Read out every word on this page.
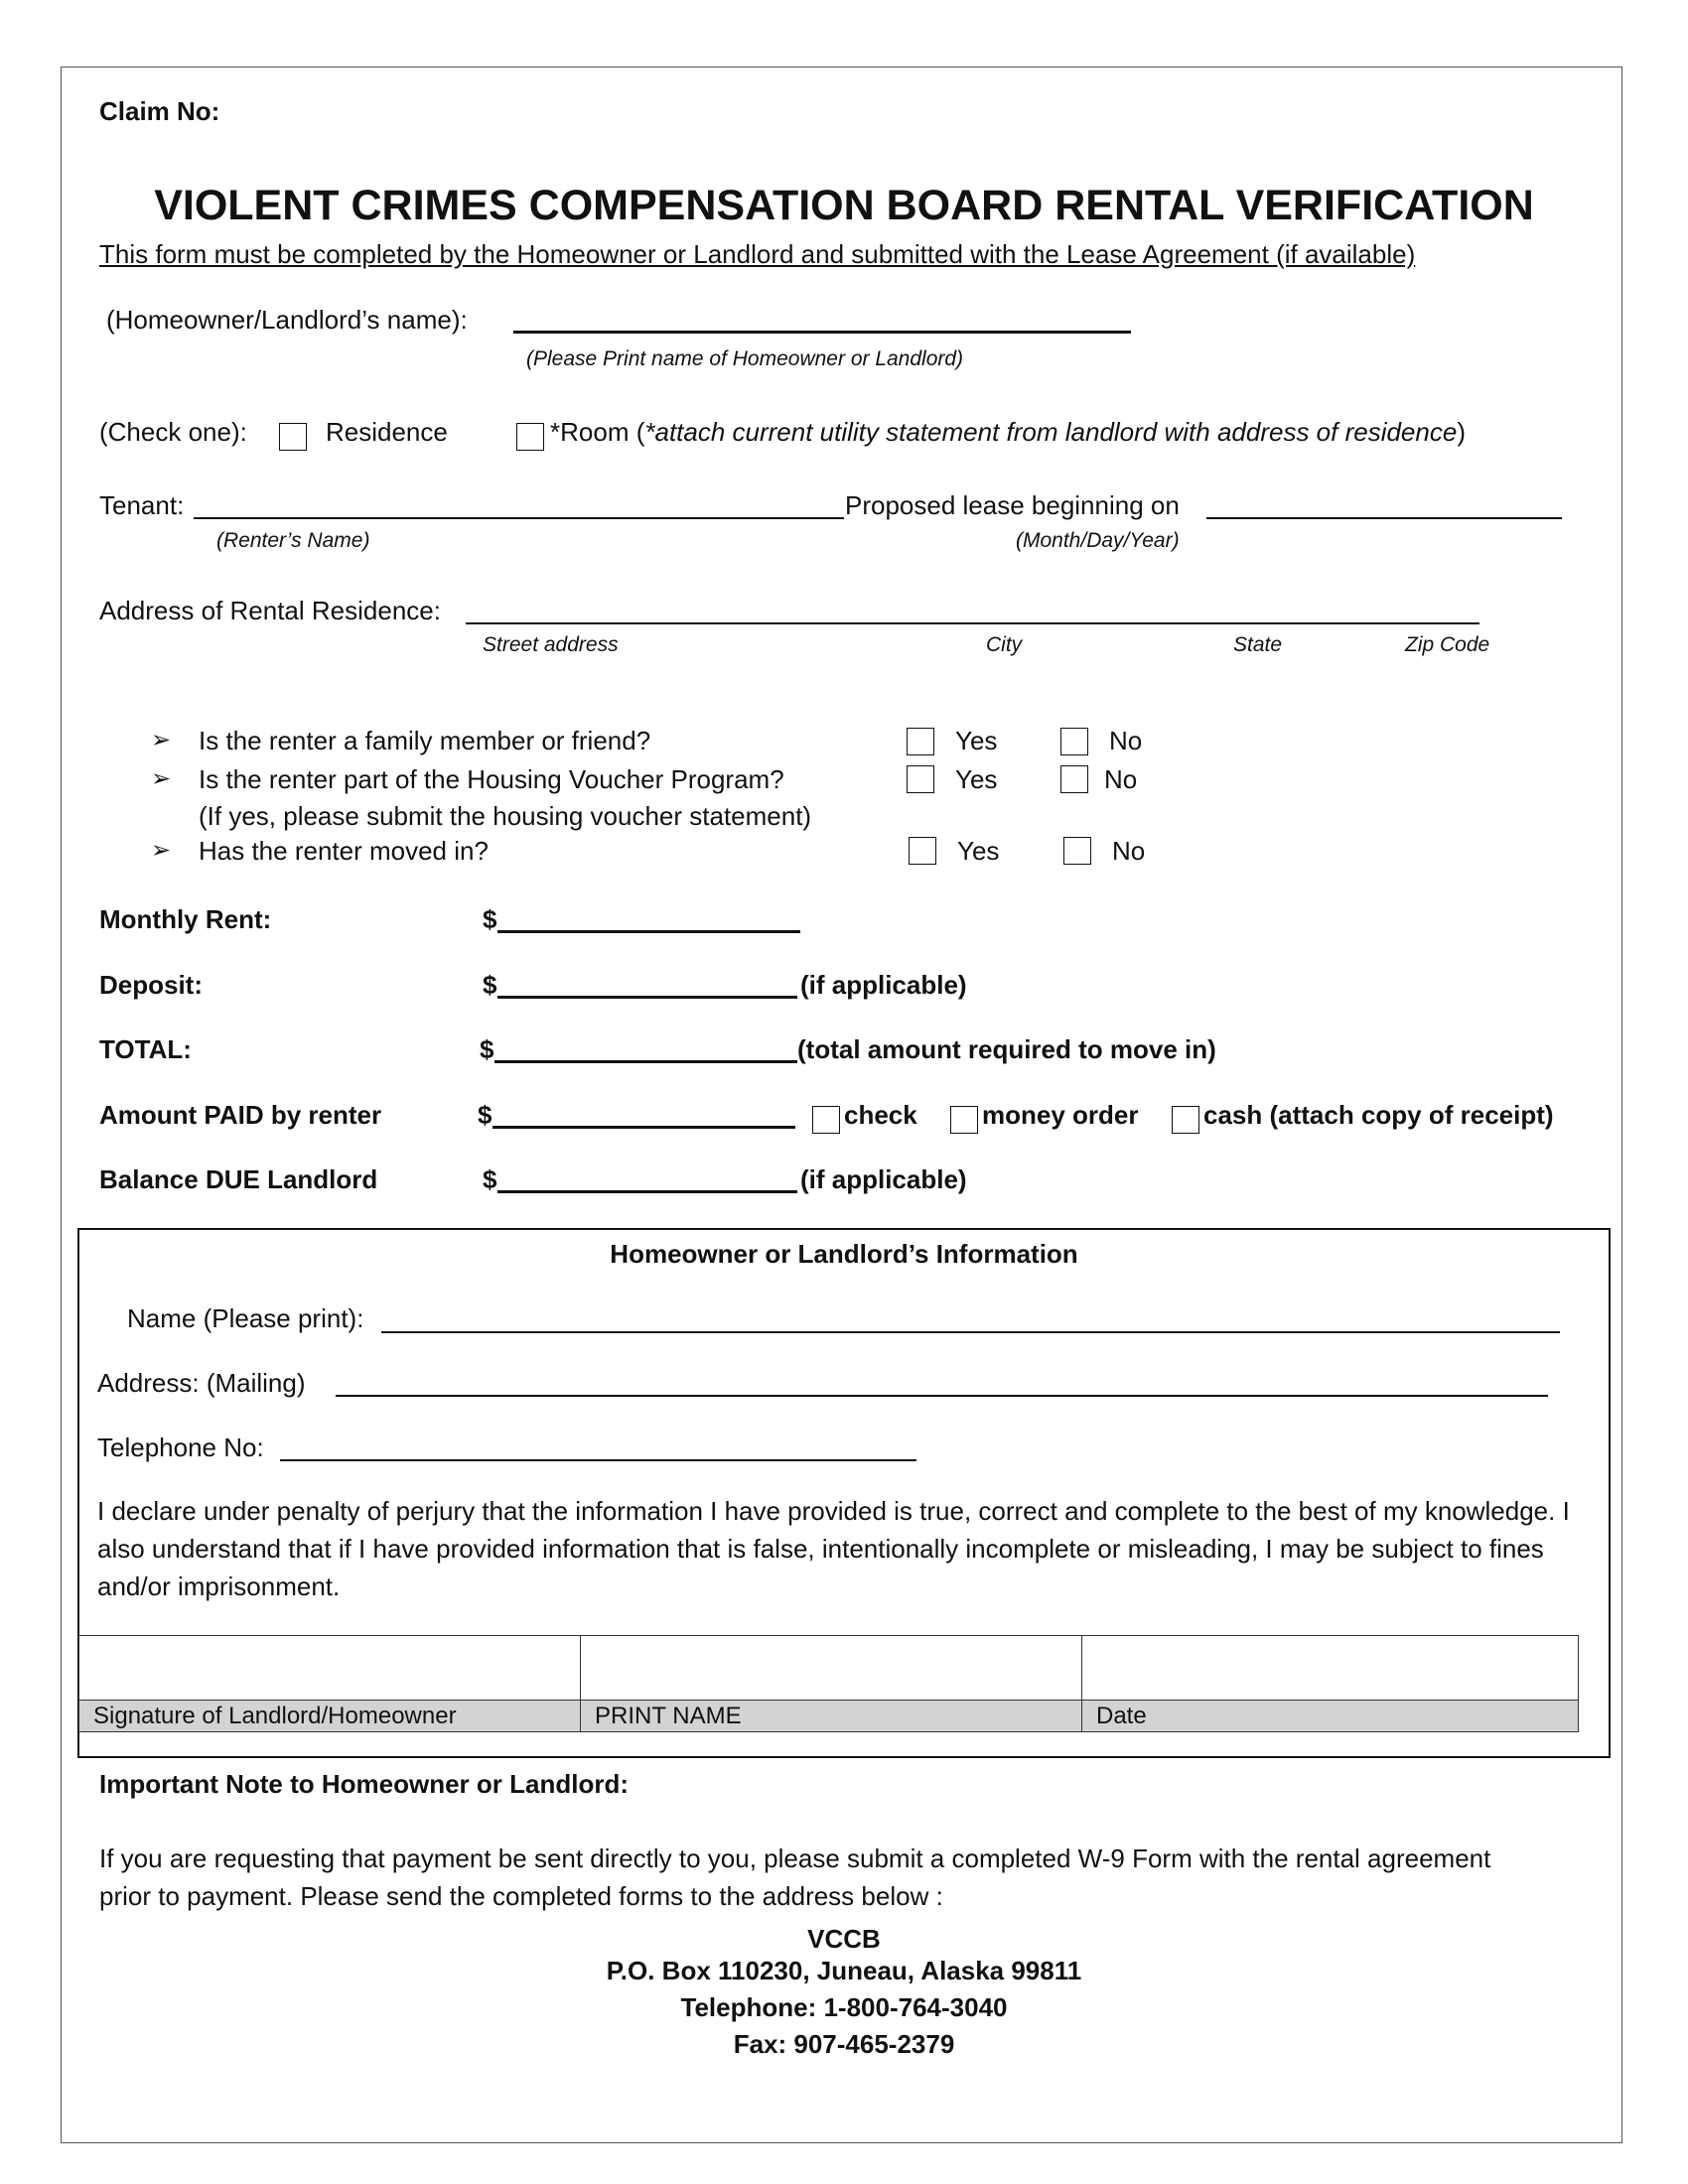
Claim No:
VIOLENT CRIMES COMPENSATION BOARD RENTAL VERIFICATION
This form must be completed by the Homeowner or Landlord and submitted with the Lease Agreement (if available)
(Homeowner/Landlord’s name):
(Please Print name of Homeowner or Landlord)
(Check one):	Residence	*Room (*attach current utility statement from landlord with address of residence)
Tenant:	Proposed lease beginning on
(Renter’s Name)	(Month/Day/Year)
Address of Rental Residence:
Street address	City	State	Zip Code
➢ Is the renter a family member or friend?	Yes	No
➢ Is the renter part of the Housing Voucher Program?	Yes	No
(If yes, please submit the housing voucher statement)
➢ Has the renter moved in?	Yes	No
Monthly Rent:	$
Deposit:	$	(if applicable)
TOTAL:	$	(total amount required to move in)
Amount PAID by renter	$	check	money order	cash (attach copy of receipt)
Balance DUE Landlord	$	(if applicable)
Homeowner or Landlord’s Information
Name (Please print):
Address: (Mailing)
Telephone No:
I declare under penalty of perjury that the information I have provided is true, correct and complete to the best of my knowledge. I also understand that if I have provided information that is false, intentionally incomplete or misleading, I may be subject to fines and/or imprisonment.

Signature of Landlord/Homeowner	PRINT NAME	Date
Important Note to Homeowner or Landlord:
If you are requesting that payment be sent directly to you, please submit a completed W-9 Form with the rental agreement prior to payment. Please send the completed forms to the address below :
VCCB
P.O. Box 110230, Juneau, Alaska 99811
Telephone: 1-800-764-3040
Fax: 907-465-2379
